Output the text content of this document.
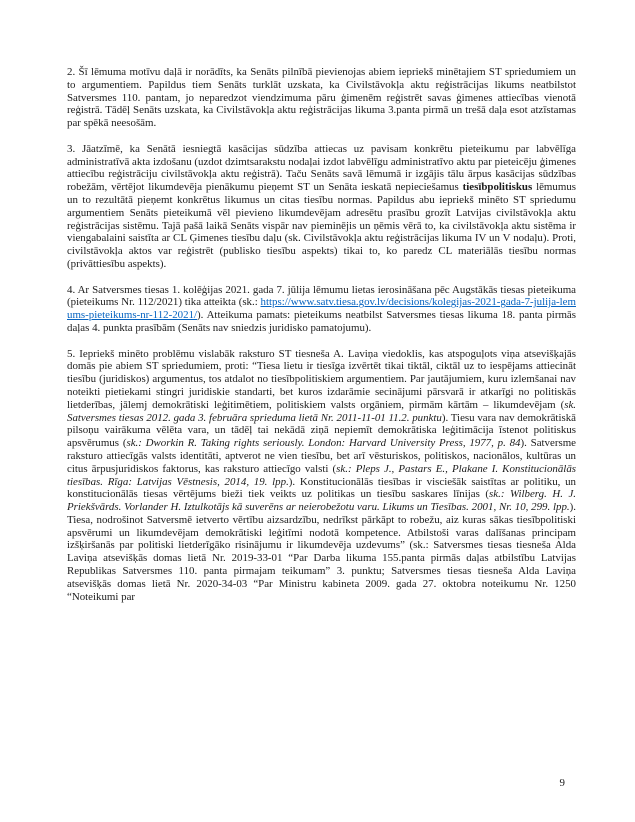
2. Šī lēmuma motīvu daļā ir norādīts, ka Senāts pilnībā pievienojas abiem iepriekš minētajiem ST spriedumiem un to argumentiem. Papildus tiem Senāts turklāt uzskata, ka Civilstāvokļa aktu reģistrācijas likums neatbilstot Satversmes 110. pantam, jo neparedzot viendzimuma pāru ģimenēm reģistrēt savas ģimenes attiecības vienotā reģistrā. Tādēļ Senāts uzskata, ka Civilstāvokļa aktu reģistrācijas likuma 3.panta pirmā un trešā daļa esot atzīstamas par spēkā neesošām.

3. Jāatzīmē, ka Senātā iesniegtā kasācijas sūdzība attiecas uz pavisam konkrētu pieteikumu par labvēlīga administratīvā akta izdošanu (uzdot dzimtsarakstu nodaļai izdot labvēlīgu administratīvo aktu par pieteicēju ģimenes attiecību reģistrāciju civilstāvokļa aktu reģistrā). Taču Senāts savā lēmumā ir izgājis tālu ārpus kasācijas sūdzības robežām, vērtējot likumdevēja pienākumu pieņemt ST un Senāta ieskatā nepieciešamus tiesībpolitiskus lēmumus un to rezultātā pieņemt konkrētus likumus un citas tiesību normas. Papildus abu iepriekš minēto ST spriedumu argumentiem Senāts pieteikumā vēl pievieno likumdevējam adresētu prasību grozīt Latvijas civilstāvokļa aktu reģistrācijas sistēmu. Tajā pašā laikā Senāts vispār nav pieminējis un ņēmis vērā to, ka civilstāvokļa aktu sistēma ir viengabalaini saistīta ar CL Ģimenes tiesību daļu (sk. Civilstāvokļa aktu reģistrācijas likuma IV un V nodaļu). Proti, civilstāvokļa aktos var reģistrēt (publisko tiesību aspekts) tikai to, ko paredz CL materiālās tiesību normas (privāttiesību aspekts).

4. Ar Satversmes tiesas 1. kolēģijas 2021. gada 7. jūlija lēmumu lietas ierosināšana pēc Augstākās tiesas pieteikuma (pieteikums Nr. 112/2021) tika atteikta (sk.: https://www.satv.tiesa.gov.lv/decisions/kolegijas-2021-gada-7-julija-lemums-pieteikums-nr-112-2021/). Atteikuma pamats: pieteikums neatbilst Satversmes tiesas likuma 18. panta pirmās daļas 4. punkta prasībām (Senāts nav sniedzis juridisko pamatojumu).

5. Iepriekš minēto problēmu vislabāk raksturo ST tiesneša A. Laviņa viedoklis, kas atspoguļots viņa atsevišķajās domās pie abiem ST spriedumiem, proti: “Tiesa lietu ir tiesīga izvērtēt tikai tiktāl, ciktāl uz to iespējams attiecināt tiesību (juridiskos) argumentus, tos atdalot no tiesībpolitiskiem argumentiem. Par jautājumiem, kuru izlemšanai nav noteikti pietiekami stingri juridiskie standarti, bet kuros izdarāmie secinājumi pārsvarā ir atkarīgi no politiskās lietderības, jālemj demokrātiski leģitimētiem, politiskiem valsts orgāniem, pirmām kārtām – likumdevējam (sk. Satversmes tiesas 2012. gada 3. februāra sprieduma lietā Nr. 2011-11-01 11.2. punktu). Tiesu vara nav demokrātiskā pilsoņu vairākuma vēlēta vara, un tādēļ tai nekādā ziņā nepiemīt demokrātiska leģitimācija īstenot politiskus apsvērumus (sk.: Dworkin R. Taking rights seriously. London: Harvard University Press, 1977, p. 84). Satversme raksturo attiecīgās valsts identitāti, aptverot ne vien tiesību, bet arī vēsturiskos, politiskos, nacionālos, kultūras un citus ārpusjuridiskos faktorus, kas raksturo attiecīgo valsti (sk.: Pleps J., Pastars E., Plakane I. Konstitucionālās tiesības. Rīga: Latvijas Vēstnesis, 2014, 19. lpp.). Konstitucionālās tiesības ir visciešāk saistītas ar politiku, un konstitucionālās tiesas vērtējums bieži tiek veikts uz politikas un tiesību saskares līnijas (sk.: Wilberg. H. J. Priekšvārds. Vorlander H. Iztulkotājs kā suverēns ar neierobežotu varu. Likums un Tiesības. 2001, Nr. 10, 299. lpp.). Tiesa, nodrošinot Satversmē ietverto vērtību aizsardzību, nedrīkst pārkāpt to robežu, aiz kuras sākas tiesībpolitiski apsvērumi un likumdevējam demokrātiski leģitīmi nodotā kompetence. Atbilstoši varas dalīšanas principam izšķiršanās par politiski lietderīgāko risinājumu ir likumdevēja uzdevums” (sk.: Satversmes tiesas tiesneša Alda Laviņa atsevišķās domas lietā Nr. 2019-33-01 “Par Darba likuma 155.panta pirmās daļas atbilstību Latvijas Republikas Satversmes 110. panta pirmajam teikumam” 3. punktu; Satversmes tiesas tiesneša Alda Laviņa atsevišķās domas lietā Nr. 2020-34-03 “Par Ministru kabineta 2009. gada 27. oktobra noteikumu Nr. 1250 “Noteikumi par

9
